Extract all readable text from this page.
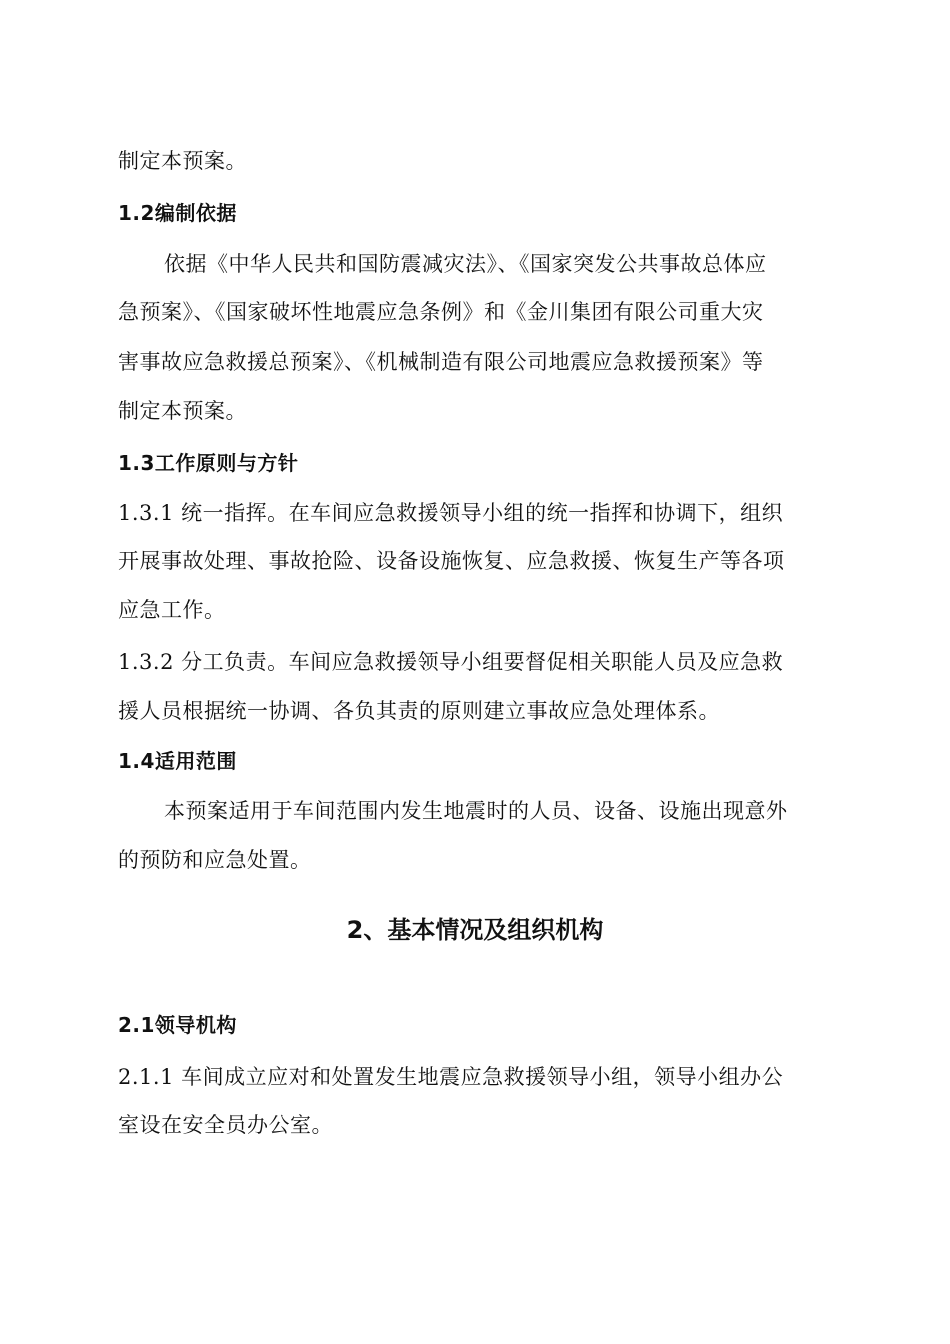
制定本预案。
1.2编制依据
依据《中华人民共和国防震减灾法》、《国家突发公共事故总体应
急预案》、《国家破坏性地震应急条例》和《金川集团有限公司重大灾
害事故应急救援总预案》、《机械制造有限公司地震应急救援预案》等
制定本预案。
1.3工作原则与方针
1.3.1 统一指挥。在车间应急救援领导小组的统一指挥和协调下，组织
开展事故处理、事故抢险、设备设施恢复、应急救援、恢复生产等各项
应急工作。
1.3.2 分工负责。车间应急救援领导小组要督促相关职能人员及应急救
援人员根据统一协调、各负其责的原则建立事故应急处理体系。
1.4适用范围
本预案适用于车间范围内发生地震时的人员、设备、设施出现意外
的预防和应急处置。
2、基本情况及组织机构
2.1领导机构
2.1.1 车间成立应对和处置发生地震应急救援领导小组，领导小组办公
室设在安全员办公室。
